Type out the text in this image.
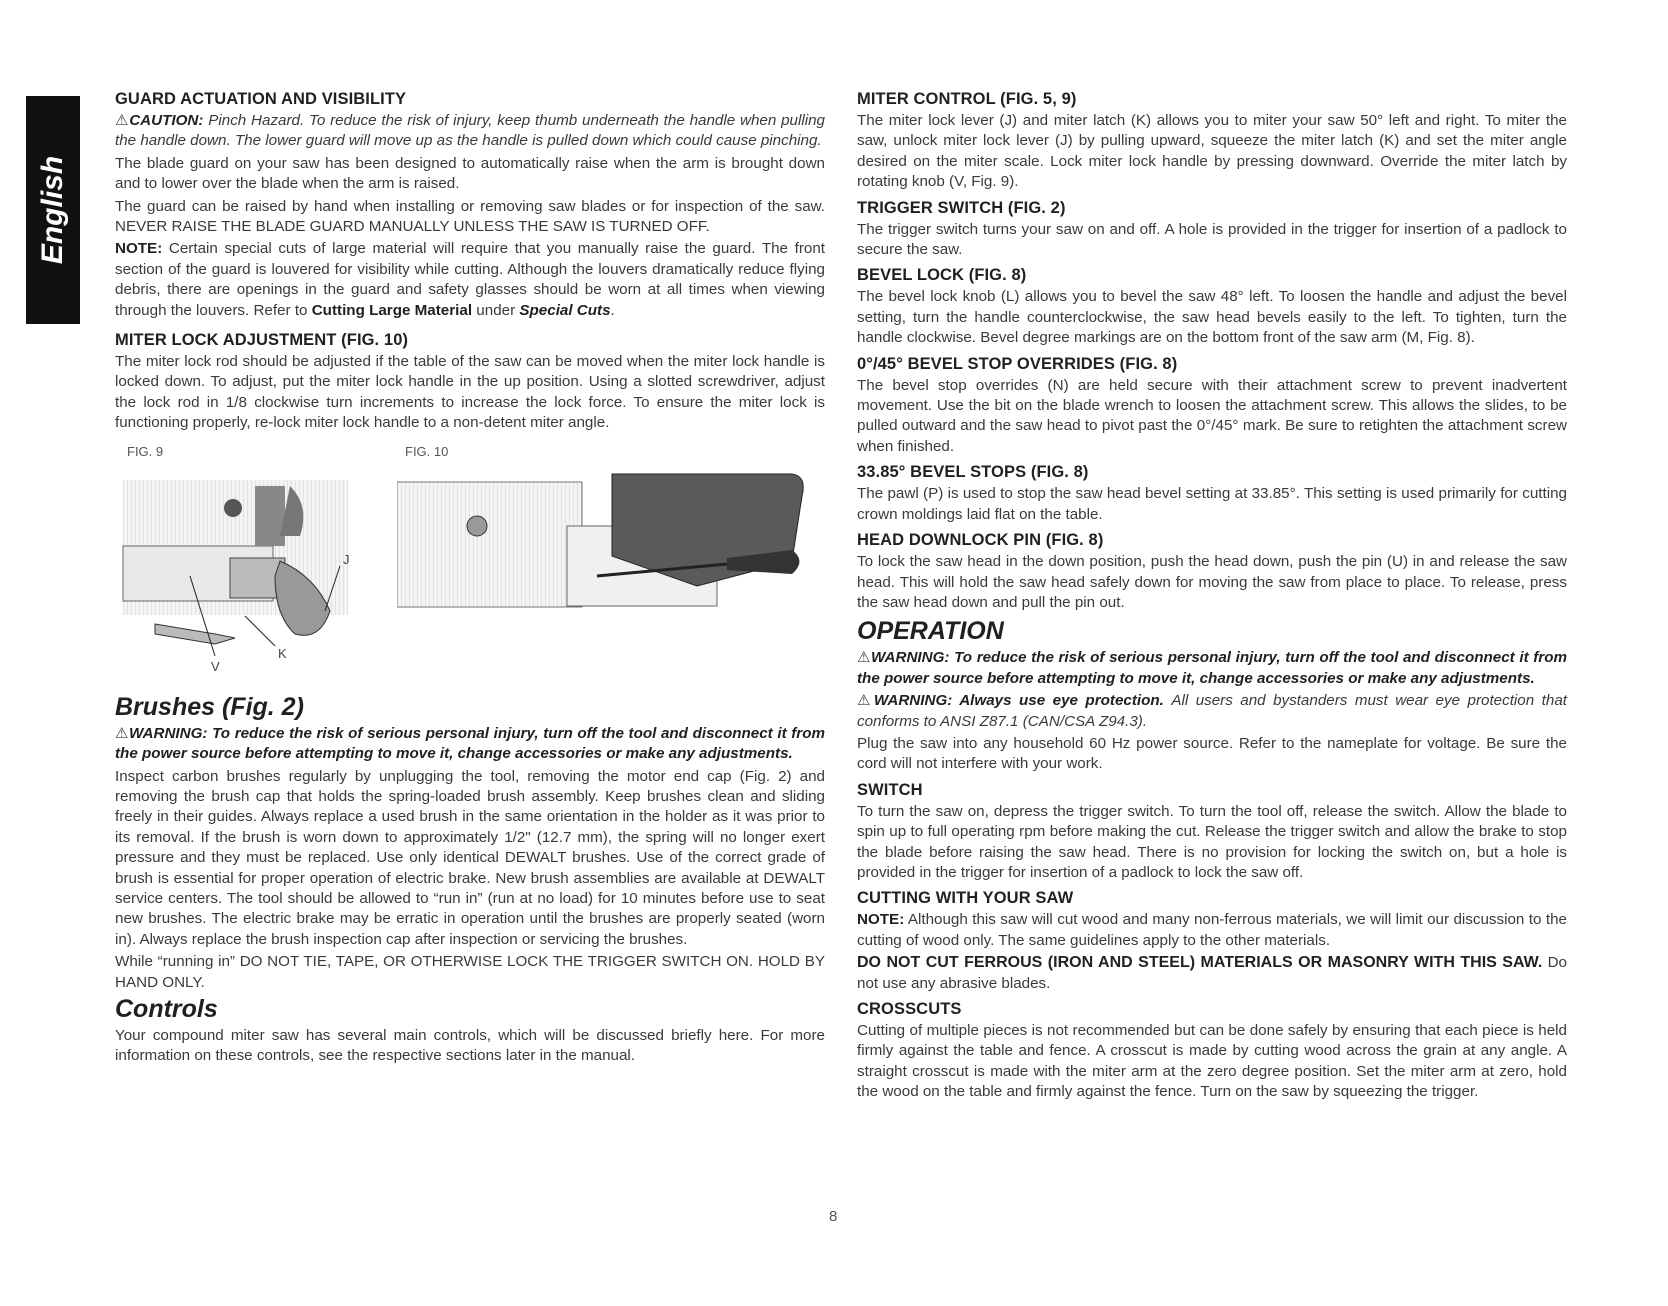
English
GUARD ACTUATION AND VISIBILITY

⚠CAUTION: Pinch Hazard. To reduce the risk of injury, keep thumb underneath the handle when pulling the handle down. The lower guard will move up as the handle is pulled down which could cause pinching.

The blade guard on your saw has been designed to automatically raise when the arm is brought down and to lower over the blade when the arm is raised.

The guard can be raised by hand when installing or removing saw blades or for inspection of the saw. NEVER RAISE THE BLADE GUARD MANUALLY UNLESS THE SAW IS TURNED OFF.

NOTE: Certain special cuts of large material will require that you manually raise the guard. The front section of the guard is louvered for visibility while cutting. Although the louvers dramatically reduce flying debris, there are openings in the guard and safety glasses should be worn at all times when viewing through the louvers. Refer to Cutting Large Material under Special Cuts.

MITER LOCK ADJUSTMENT (FIG. 10)

The miter lock rod should be adjusted if the table of the saw can be moved when the miter lock handle is locked down. To adjust, put the miter lock handle in the up position. Using a slotted screwdriver, adjust the lock rod in 1/8 clockwise turn increments to increase the lock force. To ensure the miter lock is functioning properly, re-lock miter lock handle to a non-detent miter angle.

FIG. 9	FIG. 10
J
V
K
Brushes (Fig. 2)

⚠WARNING: To reduce the risk of serious personal injury, turn off the tool and disconnect it from the power source before attempting to move it, change accessories or make any adjustments.

Inspect carbon brushes regularly by unplugging the tool, removing the motor end cap (Fig. 2) and removing the brush cap that holds the spring-loaded brush assembly. Keep brushes clean and sliding freely in their guides. Always replace a used brush in the same orientation in the holder as it was prior to its removal. If the brush is worn down to approximately 1/2" (12.7 mm), the spring will no longer exert pressure and they must be replaced. Use only identical DEWALT brushes. Use of the correct grade of brush is essential for proper operation of electric brake. New brush assemblies are available at DEWALT service centers. The tool should be allowed to “run in” (run at no load) for 10 minutes before use to seat new brushes. The electric brake may be erratic in operation until the brushes are properly seated (worn in). Always replace the brush inspection cap after inspection or servicing the brushes.

While “running in” DO NOT TIE, TAPE, OR OTHERWISE LOCK THE TRIGGER SWITCH ON. HOLD BY HAND ONLY.

Controls

Your compound miter saw has several main controls, which will be discussed briefly here. For more information on these controls, see the respective sections later in the manual.

MITER CONTROL (FIG. 5, 9)

The miter lock lever (J) and miter latch (K) allows you to miter your saw 50° left and right. To miter the saw, unlock miter lock lever (J) by pulling upward, squeeze the miter latch (K) and set the miter angle desired on the miter scale. Lock miter lock handle by pressing downward. Override the miter latch by rotating knob (V, Fig. 9).

TRIGGER SWITCH (FIG. 2)

The trigger switch turns your saw on and off. A hole is provided in the trigger for insertion of a padlock to secure the saw.

BEVEL LOCK (FIG. 8)

The bevel lock knob (L) allows you to bevel the saw 48° left. To loosen the handle and adjust the bevel setting, turn the handle counterclockwise, the saw head bevels easily to the left. To tighten, turn the handle clockwise. Bevel degree markings are on the bottom front of the saw arm (M, Fig. 8).

0°/45° BEVEL STOP OVERRIDES (FIG. 8)

The bevel stop overrides (N) are held secure with their attachment screw to prevent inadvertent movement. Use the bit on the blade wrench to loosen the attachment screw. This allows the slides, to be pulled outward and the saw head to pivot past the 0°/45° mark. Be sure to retighten the attachment screw when finished.

33.85° BEVEL STOPS (FIG. 8)

The pawl (P) is used to stop the saw head bevel setting at 33.85°. This setting is used primarily for cutting crown moldings laid flat on the table.

HEAD DOWNLOCK PIN (FIG. 8)

To lock the saw head in the down position, push the head down, push the pin (U) in and release the saw head. This will hold the saw head safely down for moving the saw from place to place. To release, press the saw head down and pull the pin out.

OPERATION

⚠WARNING: To reduce the risk of serious personal injury, turn off the tool and disconnect it from the power source before attempting to move it, change accessories or make any adjustments.

⚠WARNING: Always use eye protection. All users and bystanders must wear eye protection that conforms to ANSI Z87.1 (CAN/CSA Z94.3).

Plug the saw into any household 60 Hz power source. Refer to the nameplate for voltage. Be sure the cord will not interfere with your work.

SWITCH

To turn the saw on, depress the trigger switch. To turn the tool off, release the switch. Allow the blade to spin up to full operating rpm before making the cut. Release the trigger switch and allow the brake to stop the blade before raising the saw head. There is no provision for locking the switch on, but a hole is provided in the trigger for insertion of a padlock to lock the saw off.

CUTTING WITH YOUR SAW

NOTE: Although this saw will cut wood and many non-ferrous materials, we will limit our discussion to the cutting of wood only. The same guidelines apply to the other materials.

DO NOT CUT FERROUS (IRON AND STEEL) MATERIALS OR MASONRY WITH THIS SAW. Do not use any abrasive blades.

CROSSCUTS

Cutting of multiple pieces is not recommended but can be done safely by ensuring that each piece is held firmly against the table and fence. A crosscut is made by cutting wood across the grain at any angle. A straight crosscut is made with the miter arm at the zero degree position. Set the miter arm at zero, hold the wood on the table and firmly against the fence. Turn on the saw by squeezing the trigger.

8
